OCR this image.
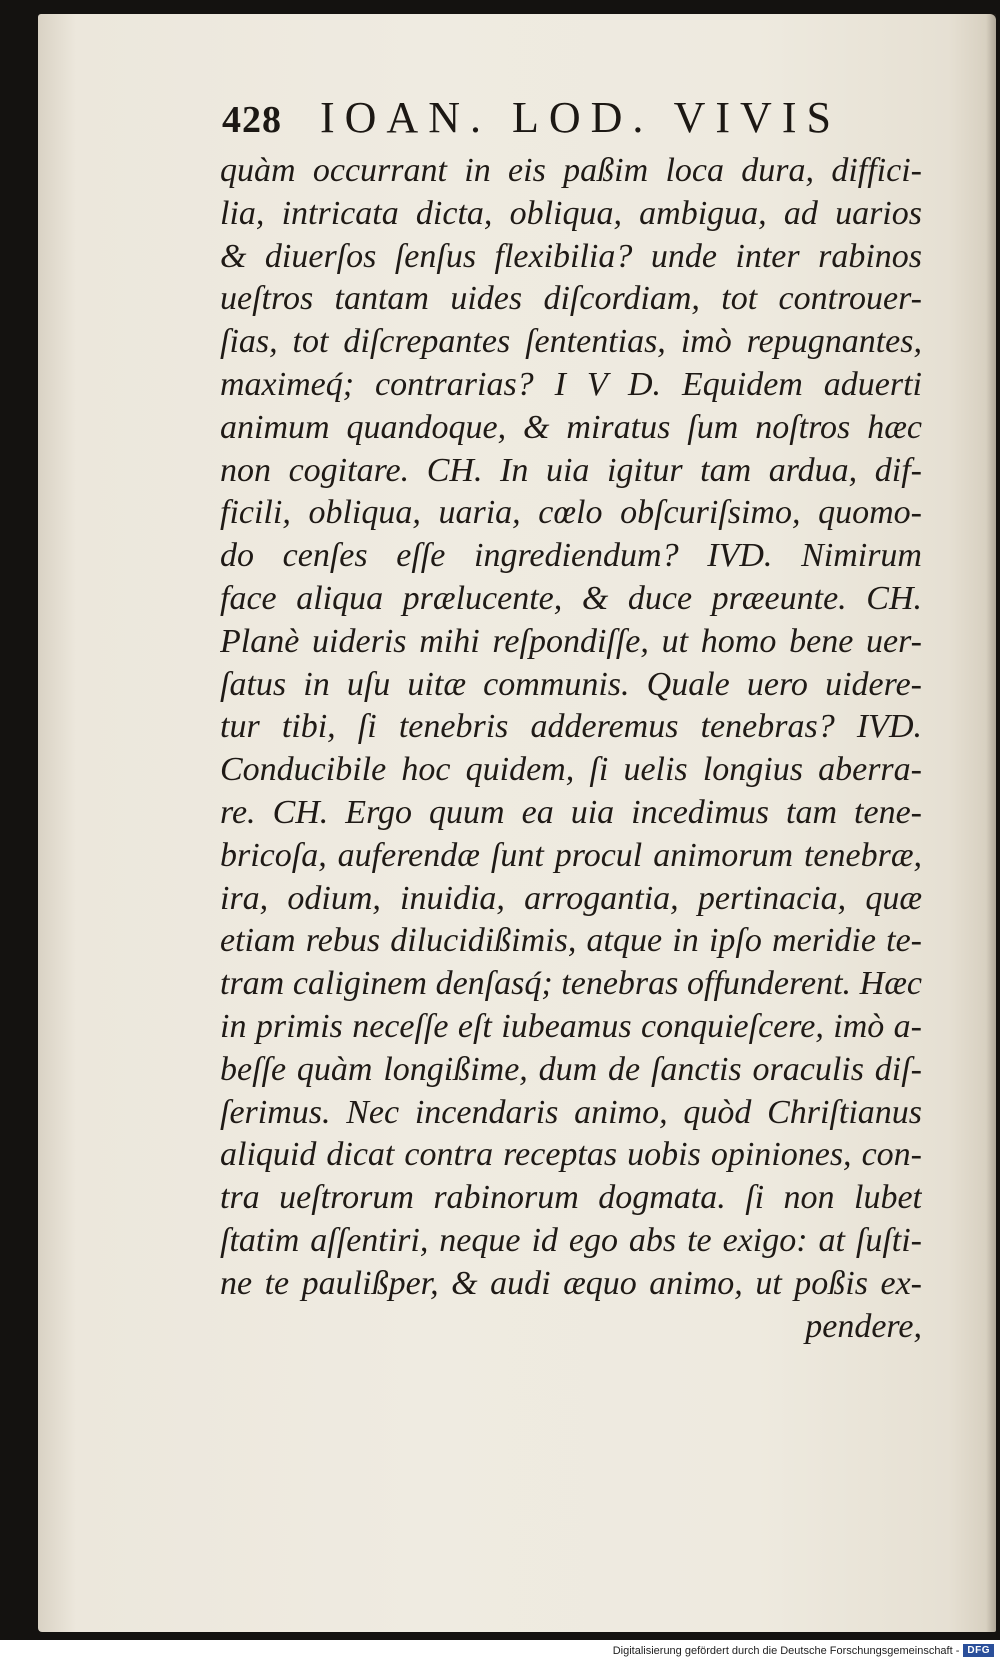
428 IOAN. LOD. VIVIS
quàm occurrant in eis paßim loca dura, diffici-
lia, intricata dicta, obliqua, ambigua, ad uarios
& diuerſos ſenſus flexibilia? unde inter rabinos
ueſtros tantam uides diſcordiam, tot controuer-
ſias, tot diſcrepantes ſententias, imò repugnantes,
maximeq́; contrarias? I V D. Equidem aduerti
animum quandoque, & miratus ſum noſtros hæc
non cogitare. CH. In uia igitur tam ardua, dif-
ficili, obliqua, uaria, cœlo obſcuriſsimo, quomo-
do cenſes eſſe ingrediendum? IVD. Nimirum
face aliqua prælucente, & duce præeunte. CH.
Planè uideris mihi reſpondiſſe, ut homo bene uer-
ſatus in uſu uitæ communis. Quale uero uidere-
tur tibi, ſi tenebris adderemus tenebras? IVD.
Conducibile hoc quidem, ſi uelis longius aberra-
re. CH. Ergo quum ea uia incedimus tam tene-
bricoſa, auferendæ ſunt procul animorum tenebræ,
ira, odium, inuidia, arrogantia, pertinacia, quæ
etiam rebus dilucidißimis, atque in ipſo meridie te-
tram caliginem denſasq́; tenebras offunderent. Hæc
in primis neceſſe eſt iubeamus conquieſcere, imò a-
beſſe quàm longißime, dum de ſanctis oraculis diſ-
ſerimus. Nec incendaris animo, quòd Chriſtianus
aliquid dicat contra receptas uobis opiniones, con-
tra ueſtrorum rabinorum dogmata. ſi non lubet
ſtatim aſſentiri, neque id ego abs te exigo: at ſuſti-
ne te paulißper, & audi æquo animo, ut poßis ex-
pendere,
Digitalisierung gefördert durch die Deutsche Forschungsgemeinschaft - DFG
